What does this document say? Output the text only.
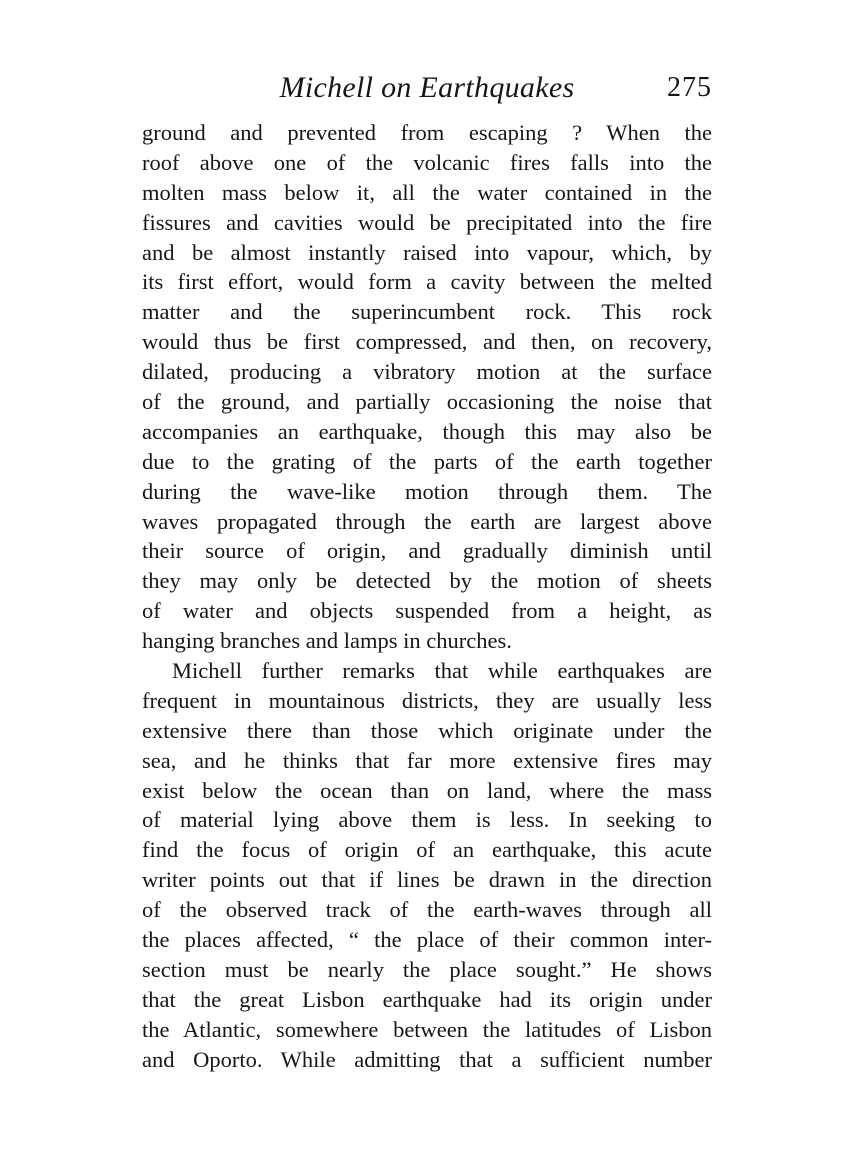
Michell on Earthquakes	275
ground and prevented from escaping ? When the
roof above one of the volcanic fires falls into the
molten mass below it, all the water contained in the
fissures and cavities would be precipitated into the fire
and be almost instantly raised into vapour, which, by
its first effort, would form a cavity between the melted
matter and the superincumbent rock. This rock
would thus be first compressed, and then, on recovery,
dilated, producing a vibratory motion at the surface
of the ground, and partially occasioning the noise that
accompanies an earthquake, though this may also be
due to the grating of the parts of the earth together
during the wave-like motion through them. The
waves propagated through the earth are largest above
their source of origin, and gradually diminish until
they may only be detected by the motion of sheets
of water and objects suspended from a height, as
hanging branches and lamps in churches.
Michell further remarks that while earthquakes are
frequent in mountainous districts, they are usually less
extensive there than those which originate under the
sea, and he thinks that far more extensive fires may
exist below the ocean than on land, where the mass
of material lying above them is less. In seeking to
find the focus of origin of an earthquake, this acute
writer points out that if lines be drawn in the direction
of the observed track of the earth-waves through all
the places affected, “ the place of their common inter-
section must be nearly the place sought.” He shows
that the great Lisbon earthquake had its origin under
the Atlantic, somewhere between the latitudes of Lisbon
and Oporto. While admitting that a sufficient number
